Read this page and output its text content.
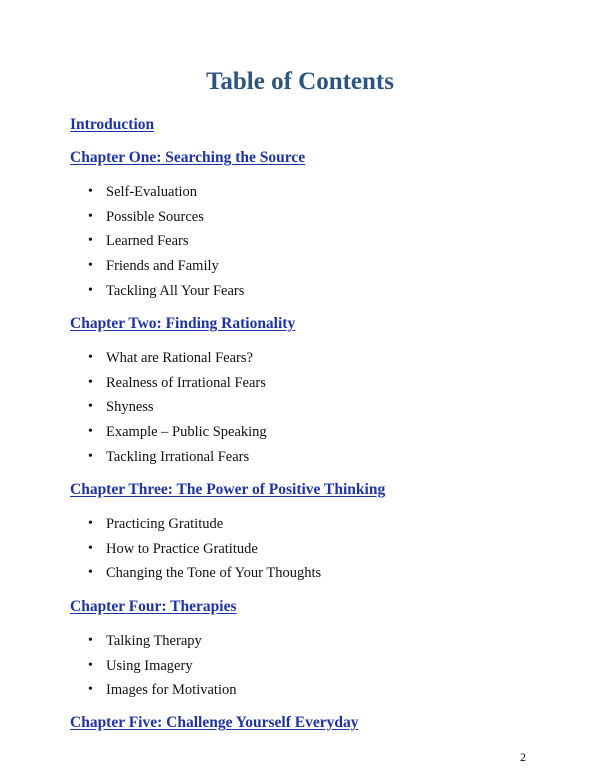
Table of Contents
Introduction
Chapter One: Searching the Source
• Self-Evaluation
• Possible Sources
• Learned Fears
• Friends and Family
• Tackling All Your Fears
Chapter Two: Finding Rationality
• What are Rational Fears?
• Realness of Irrational Fears
• Shyness
• Example – Public Speaking
• Tackling Irrational Fears
Chapter Three: The Power of Positive Thinking
• Practicing Gratitude
• How to Practice Gratitude
• Changing the Tone of Your Thoughts
Chapter Four: Therapies
• Talking Therapy
• Using Imagery
• Images for Motivation
Chapter Five: Challenge Yourself Everyday
2
